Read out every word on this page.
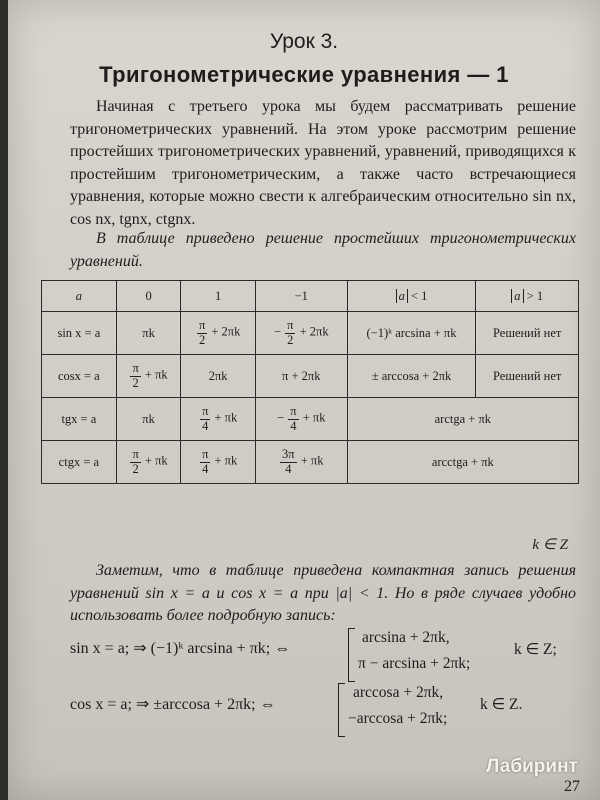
Урок 3.
Тригонометрические уравнения — 1
Начиная с третьего урока мы будем рассматривать решение тригонометрических уравнений. На этом уроке рассмотрим решение простейших тригонометрических уравнений, уравнений, приводящихся к простейшим тригонометрическим, а также часто встречающиеся уравнения, которые можно свести к алгебраическим относительно sin nx, cos nx, tgnx, ctgnx.
В таблице приведено решение простейших тригонометрических уравнений.
a	0	1	−1	a < 1	a > 1
sin x = a	πk	$\frac{\pi}{2} + 2\pi k$	− $\frac{\pi}{2} + 2\pi k$	(−1)ᵏ arcsina + πk	Решений нет
cosx = a	$\frac{\pi}{2} + \pi k$	2πk	π + 2πk	± arccosa + 2πk	Решений нет
tgx = a	πk	$\frac{\pi}{4} + \pi k$	− $\frac{\pi}{4} + \pi k$	arctga + πk	
ctgx = a	$\frac{\pi}{2} + \pi k$	$\frac{\pi}{4} + \pi k$	$\frac{3\pi}{4} + \pi k$	arcctga + πk	
k ∈ Z
Заметим, что в таблице приведена компактная запись решения уравнений sin x = a и cos x = a при |a| < 1. Но в ряде случаев удобно использовать более подробную запись:
sin x = a; ⇒ (−1)ᵏ arcsina + πk; ⇔
arcsina + 2πk,
π − arcsina + 2πk;
k ∈ Z;
cos x = a; ⇒ ±arccosa + 2πk; ⇔
arccosa + 2πk,
−arccosa + 2πk;
k ∈ Z.
Лабиринт
27
